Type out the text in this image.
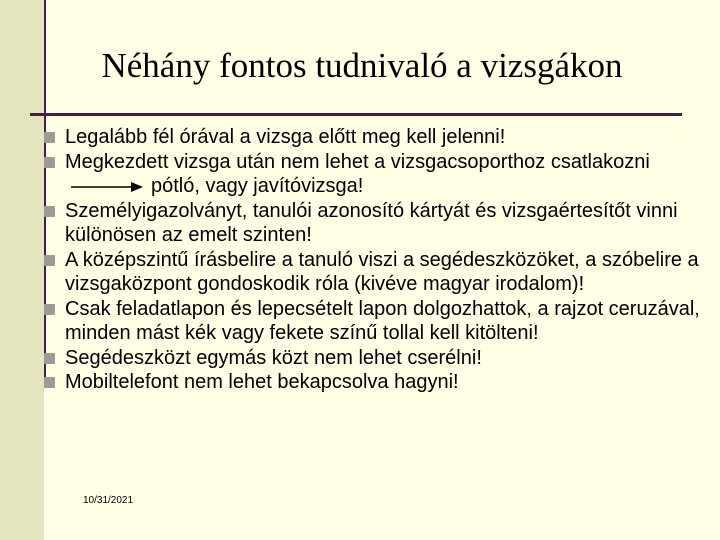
Néhány fontos tudnivaló a vizsgákon
Legalább fél órával a vizsga előtt meg kell jelenni!
Megkezdett vizsga után nem lehet a vizsgacsoporthoz csatlakoznipótló, vagy javítóvizsga!
Személyigazolványt, tanulói azonosító kártyát és vizsgaértesítőt vinni különösen az emelt szinten!
A középszintű írásbelire a tanuló viszi a segédeszközöket, a szóbelire a vizsgaközpont gondoskodik róla (kivéve magyar irodalom)!
Csak feladatlapon és lepecsételt lapon dolgozhattok, a rajzot ceruzával, minden mást kék vagy fekete színű tollal kell kitölteni!
Segédeszközt egymás közt nem lehet cserélni!
Mobiltelefont nem lehet bekapcsolva hagyni!
10/31/2021
